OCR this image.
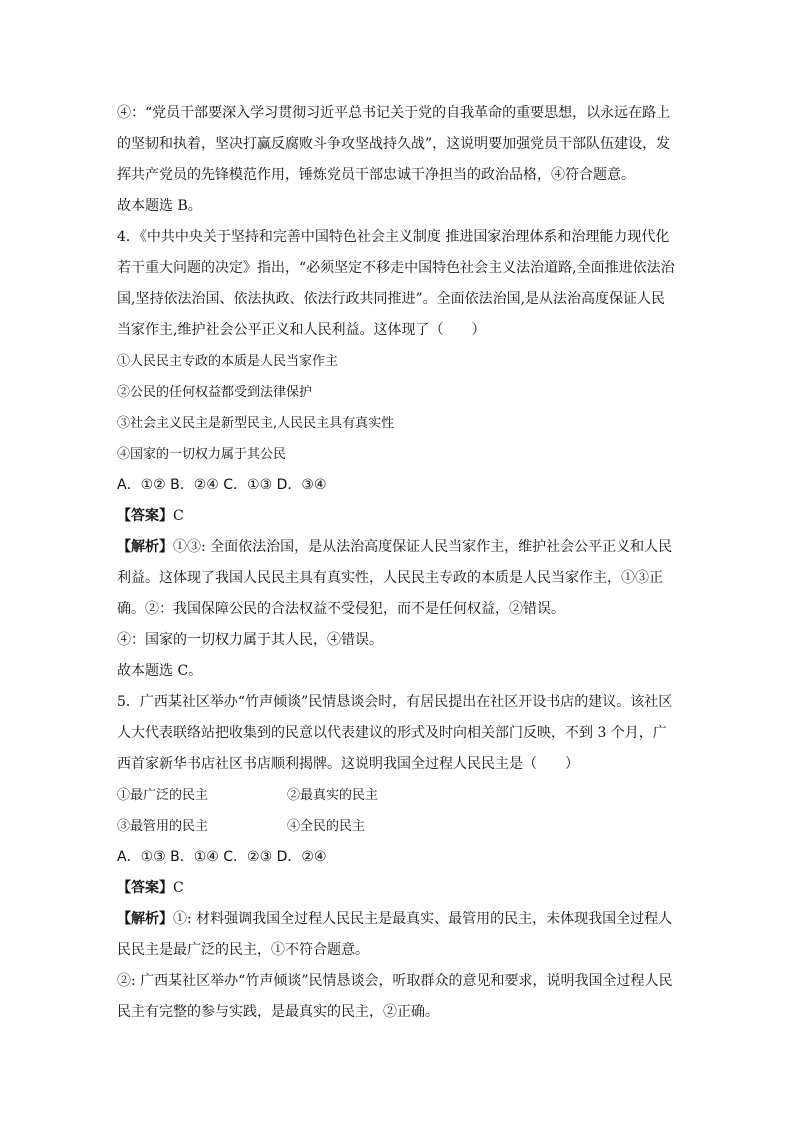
④：“党员干部要深入学习贯彻习近平总书记关于党的自我革命的重要思想，以永远在路上的坚韧和执着，坚决打赢反腐败斗争攻坚战持久战”，这说明要加强党员干部队伍建设，发挥共产党员的先锋模范作用，锤炼党员干部忠诚干净担当的政治品格，④符合题意。

故本题选 B。

4．《中共中央关于坚持和完善中国特色社会主义制度 推进国家治理体系和治理能力现代化若干重大问题的决定》指出，“必须坚定不移走中国特色社会主义法治道路,全面推进依法治国,坚持依法治国、依法执政、依法行政共同推进”。全面依法治国,是从法治高度保证人民当家作主,维护社会公平正义和人民利益。这体现了（　　）

①人民民主专政的本质是人民当家作主

②公民的任何权益都受到法律保护

③社会主义民主是新型民主,人民民主具有真实性

④国家的一切权力属于其公民

A．①② B．②④ C．①③ D．③④

【答案】C

【解析】①③: 全面依法治国，是从法治高度保证人民当家作主，维护社会公平正义和人民利益。这体现了我国人民民主具有真实性，人民民主专政的本质是人民当家作主，①③正确。②：我国保障公民的合法权益不受侵犯，而不是任何权益，②错误。

④：国家的一切权力属于其人民，④错误。

故本题选 C。

5．广西某社区举办“竹声倾谈”民情恳谈会时，有居民提出在社区开设书店的建议。该社区人大代表联络站把收集到的民意以代表建议的形式及时向相关部门反映，不到 3 个月，广西首家新华书店社区书店顺利揭牌。这说明我国全过程人民民主是（　　）

①最广泛的民主	②最真实的民主
③最管用的民主	④全民的民主

A．①③ B．①④ C．②③ D．②④

【答案】C

【解析】①: 材料强调我国全过程人民民主是最真实、最管用的民主，未体现我国全过程人民民主是最广泛的民主，①不符合题意。

②: 广西某社区举办“竹声倾谈”民情恳谈会，听取群众的意见和要求，说明我国全过程人民民主有完整的参与实践，是最真实的民主，②正确。
